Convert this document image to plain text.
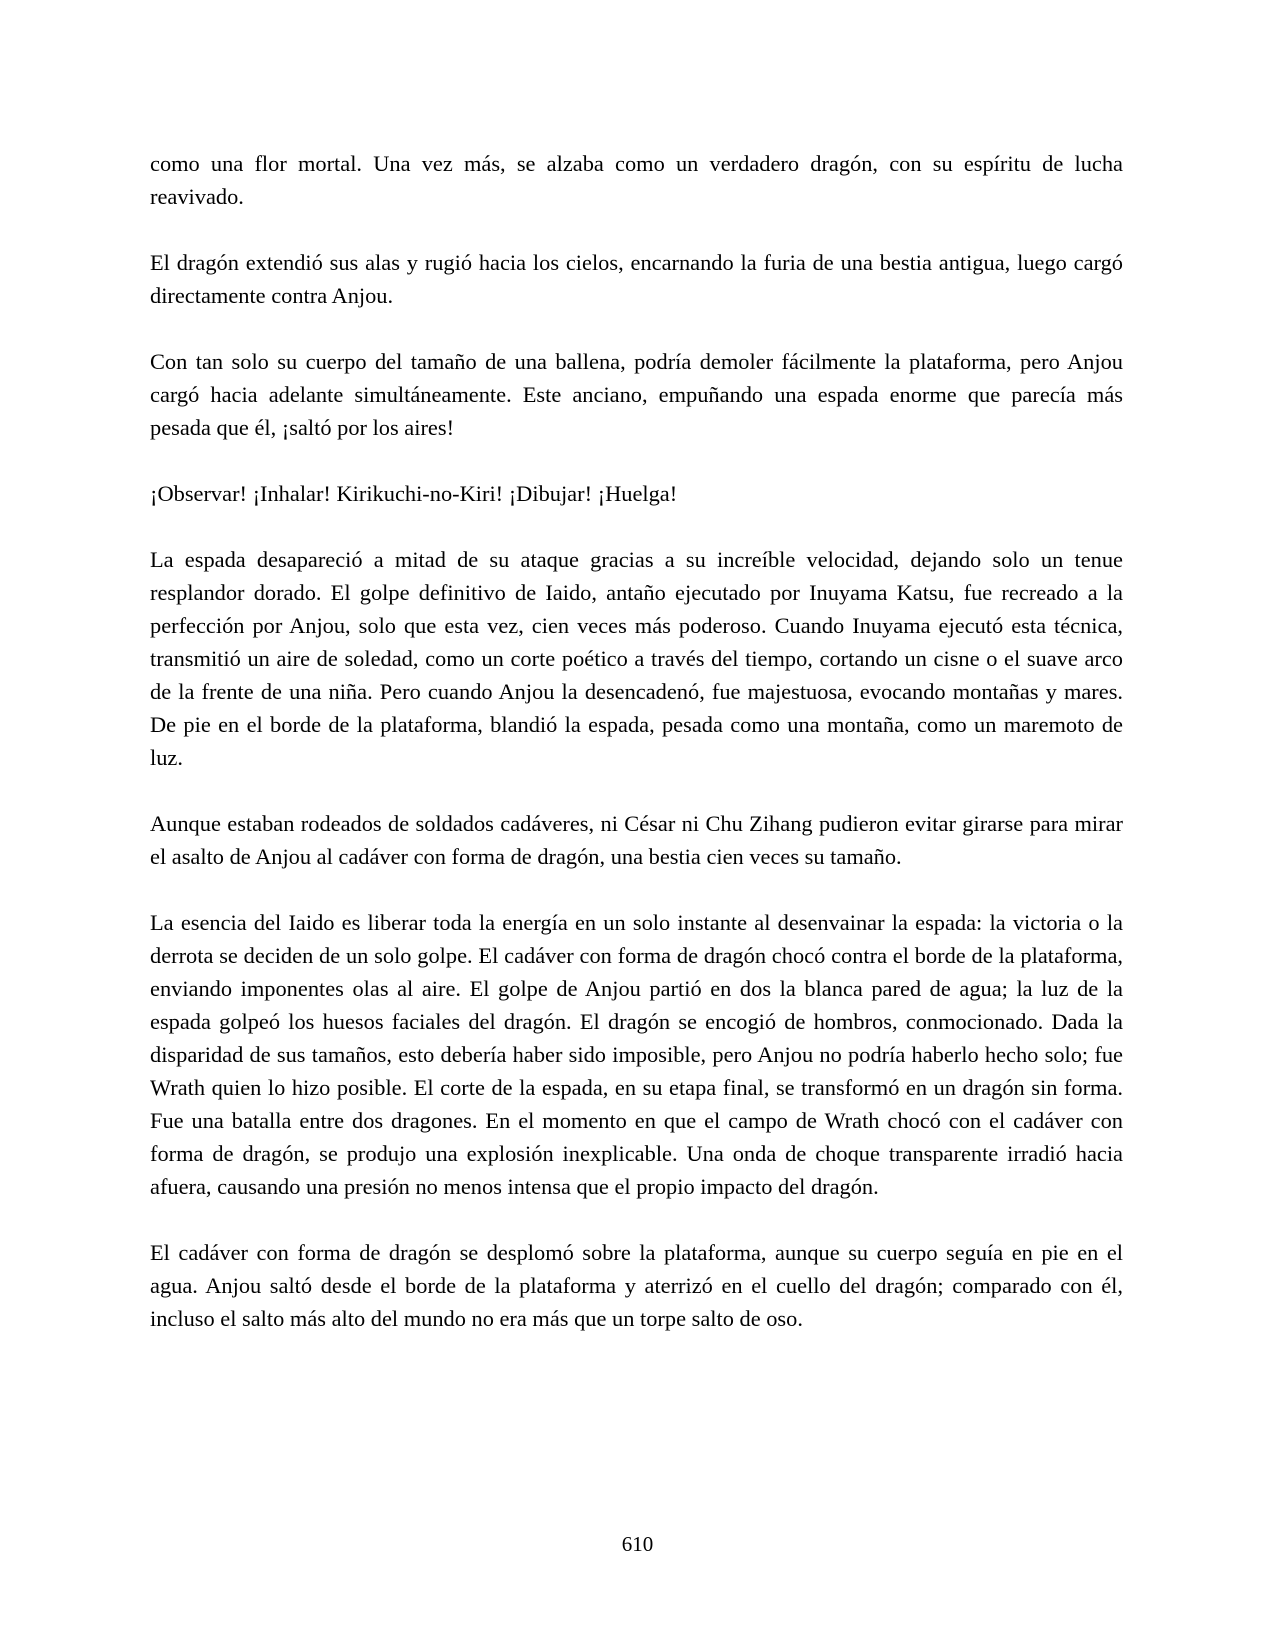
como una flor mortal. Una vez más, se alzaba como un verdadero dragón, con su espíritu de lucha reavivado.

El dragón extendió sus alas y rugió hacia los cielos, encarnando la furia de una bestia antigua, luego cargó directamente contra Anjou.

Con tan solo su cuerpo del tamaño de una ballena, podría demoler fácilmente la plataforma, pero Anjou cargó hacia adelante simultáneamente. Este anciano, empuñando una espada enorme que parecía más pesada que él, ¡saltó por los aires!

¡Observar! ¡Inhalar! Kirikuchi-no-Kiri! ¡Dibujar! ¡Huelga!

La espada desapareció a mitad de su ataque gracias a su increíble velocidad, dejando solo un tenue resplandor dorado. El golpe definitivo de Iaido, antaño ejecutado por Inuyama Katsu, fue recreado a la perfección por Anjou, solo que esta vez, cien veces más poderoso. Cuando Inuyama ejecutó esta técnica, transmitió un aire de soledad, como un corte poético a través del tiempo, cortando un cisne o el suave arco de la frente de una niña. Pero cuando Anjou la desencadenó, fue majestuosa, evocando montañas y mares. De pie en el borde de la plataforma, blandió la espada, pesada como una montaña, como un maremoto de luz.

Aunque estaban rodeados de soldados cadáveres, ni César ni Chu Zihang pudieron evitar girarse para mirar el asalto de Anjou al cadáver con forma de dragón, una bestia cien veces su tamaño.

La esencia del Iaido es liberar toda la energía en un solo instante al desenvainar la espada: la victoria o la derrota se deciden de un solo golpe. El cadáver con forma de dragón chocó contra el borde de la plataforma, enviando imponentes olas al aire. El golpe de Anjou partió en dos la blanca pared de agua; la luz de la espada golpeó los huesos faciales del dragón. El dragón se encogió de hombros, conmocionado. Dada la disparidad de sus tamaños, esto debería haber sido imposible, pero Anjou no podría haberlo hecho solo; fue Wrath quien lo hizo posible. El corte de la espada, en su etapa final, se transformó en un dragón sin forma. Fue una batalla entre dos dragones. En el momento en que el campo de Wrath chocó con el cadáver con forma de dragón, se produjo una explosión inexplicable. Una onda de choque transparente irradió hacia afuera, causando una presión no menos intensa que el propio impacto del dragón.

El cadáver con forma de dragón se desplomó sobre la plataforma, aunque su cuerpo seguía en pie en el agua. Anjou saltó desde el borde de la plataforma y aterrizó en el cuello del dragón; comparado con él, incluso el salto más alto del mundo no era más que un torpe salto de oso.

610
